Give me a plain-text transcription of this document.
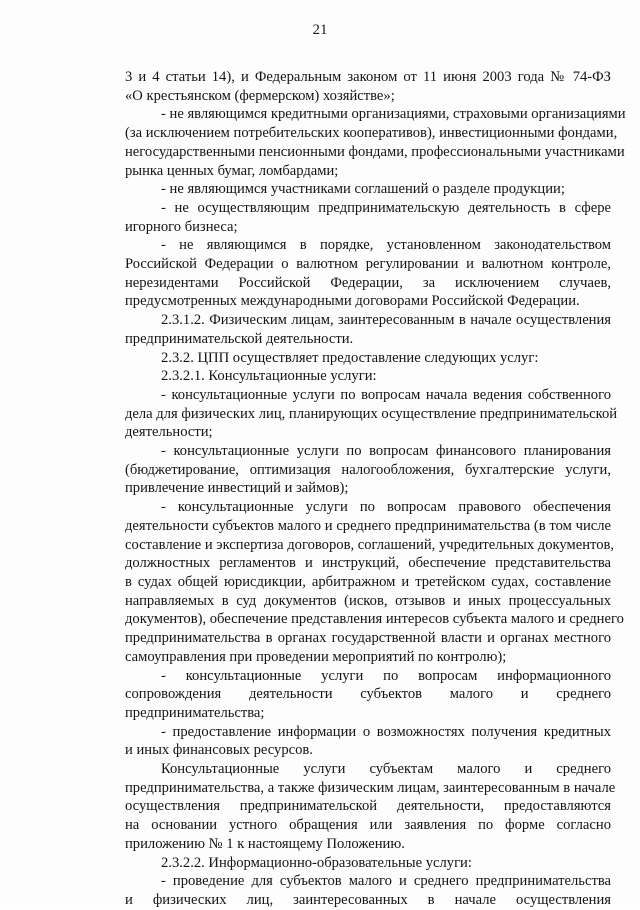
21
3 и 4 статьи 14), и Федеральным законом от 11 июня 2003 года № 74-ФЗ
«О крестьянском (фермерском) хозяйстве»;
- не являющимся кредитными организациями, страховыми организациями
(за исключением потребительских кооперативов), инвестиционными фондами,
негосударственными пенсионными фондами, профессиональными участниками
рынка ценных бумаг, ломбардами;
- не являющимся участниками соглашений о разделе продукции;
- не осуществляющим предпринимательскую деятельность в сфере
игорного бизнеса;
- не являющимся в порядке, установленном законодательством
Российской Федерации о валютном регулировании и валютном контроле,
нерезидентами Российской Федерации, за исключением случаев,
предусмотренных международными договорами Российской Федерации.
2.3.1.2. Физическим лицам, заинтересованным в начале осуществления
предпринимательской деятельности.
2.3.2. ЦПП осуществляет предоставление следующих услуг:
2.3.2.1. Консультационные услуги:
- консультационные услуги по вопросам начала ведения собственного
дела для физических лиц, планирующих осуществление предпринимательской
деятельности;
- консультационные услуги по вопросам финансового планирования
(бюджетирование, оптимизация налогообложения, бухгалтерские услуги,
привлечение инвестиций и займов);
- консультационные услуги по вопросам правового обеспечения
деятельности субъектов малого и среднего предпринимательства (в том числе
составление и экспертиза договоров, соглашений, учредительных документов,
должностных регламентов и инструкций, обеспечение представительства
в судах общей юрисдикции, арбитражном и третейском судах, составление
направляемых в суд документов (исков, отзывов и иных процессуальных
документов), обеспечение представления интересов субъекта малого и среднего
предпринимательства в органах государственной власти и органах местного
самоуправления при проведении мероприятий по контролю);
- консультационные услуги по вопросам информационного
сопровождения деятельности субъектов малого и среднего
предпринимательства;
- предоставление информации о возможностях получения кредитных
и иных финансовых ресурсов.
Консультационные услуги субъектам малого и среднего
предпринимательства, а также физическим лицам, заинтересованным в начале
осуществления предпринимательской деятельности, предоставляются
на основании устного обращения или заявления по форме согласно
приложению № 1 к настоящему Положению.
2.3.2.2. Информационно-образовательные услуги:
- проведение для субъектов малого и среднего предпринимательства
и физических лиц, заинтересованных в начале осуществления
